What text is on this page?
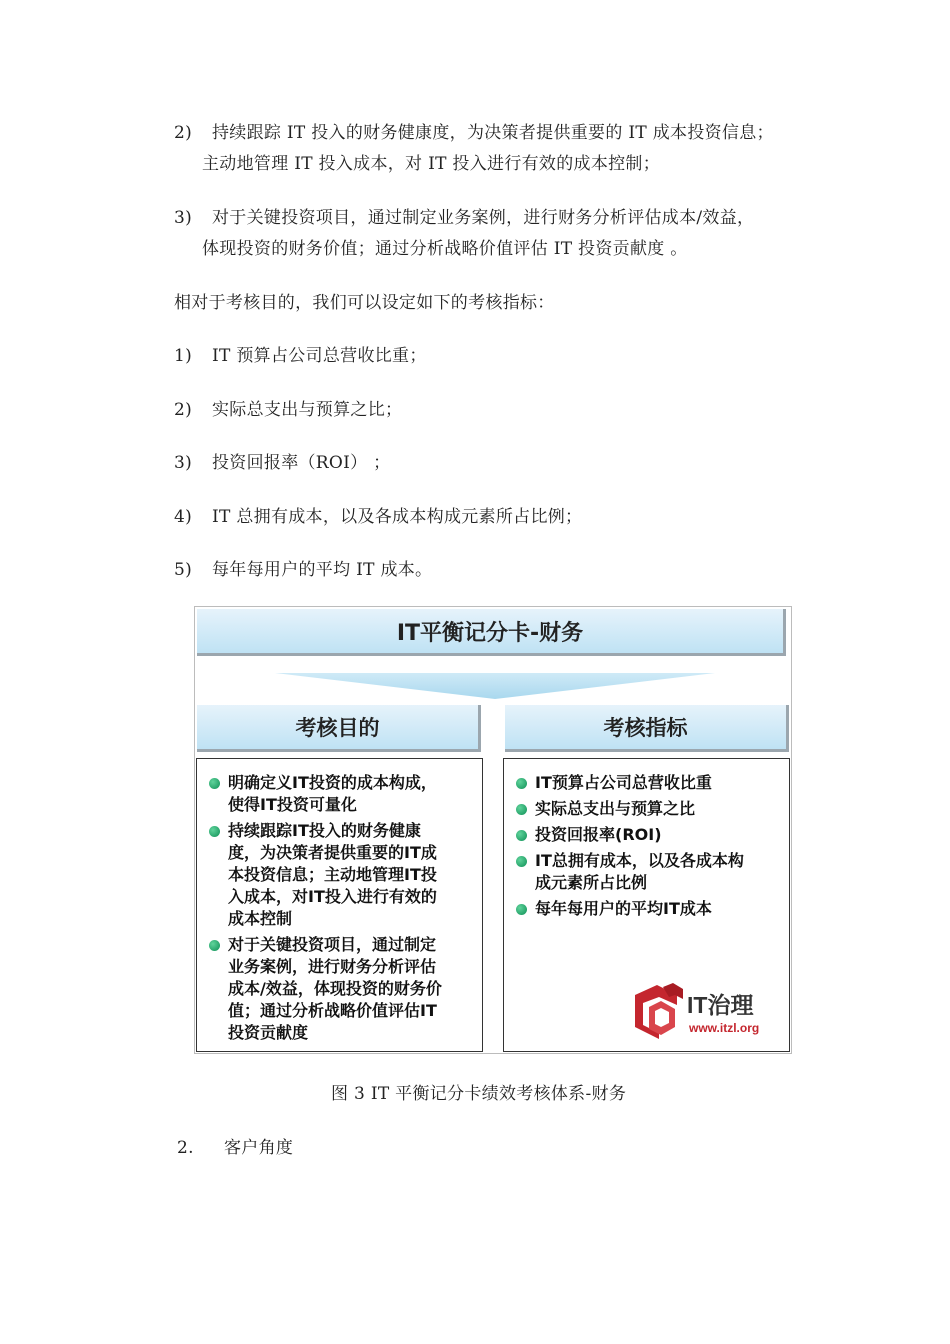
2) 持续跟踪 IT 投入的财务健康度，为决策者提供重要的 IT 成本投资信息；
主动地管理 IT 投入成本，对 IT 投入进行有效的成本控制；
3) 对于关键投资项目，通过制定业务案例，进行财务分析评估成本/效益，
体现投资的财务价值；通过分析战略价值评估 IT 投资贡献度 。
相对于考核目的，我们可以设定如下的考核指标：
1) IT 预算占公司总营收比重；
2) 实际总支出与预算之比；
3) 投资回报率（ROI） ；
4) IT 总拥有成本，以及各成本构成元素所占比例；
5) 每年每用户的平均 IT 成本。
IT平衡记分卡-财务
考核目的	考核指标
明确定义IT投资的成本构成，
使得IT投资可量化
持续跟踪IT投入的财务健康
度，为决策者提供重要的IT成
本投资信息；主动地管理IT投
入成本，对IT投入进行有效的
成本控制
对于关键投资项目，通过制定
业务案例，进行财务分析评估
成本/效益，体现投资的财务价
值；通过分析战略价值评估IT
投资贡献度
IT预算占公司总营收比重
实际总支出与预算之比
投资回报率(ROI)
IT总拥有成本，以及各成本构
成元素所占比例
每年每用户的平均IT成本
IT治理
www.itzl.org
图 3 IT 平衡记分卡绩效考核体系-财务
2. 客户角度
